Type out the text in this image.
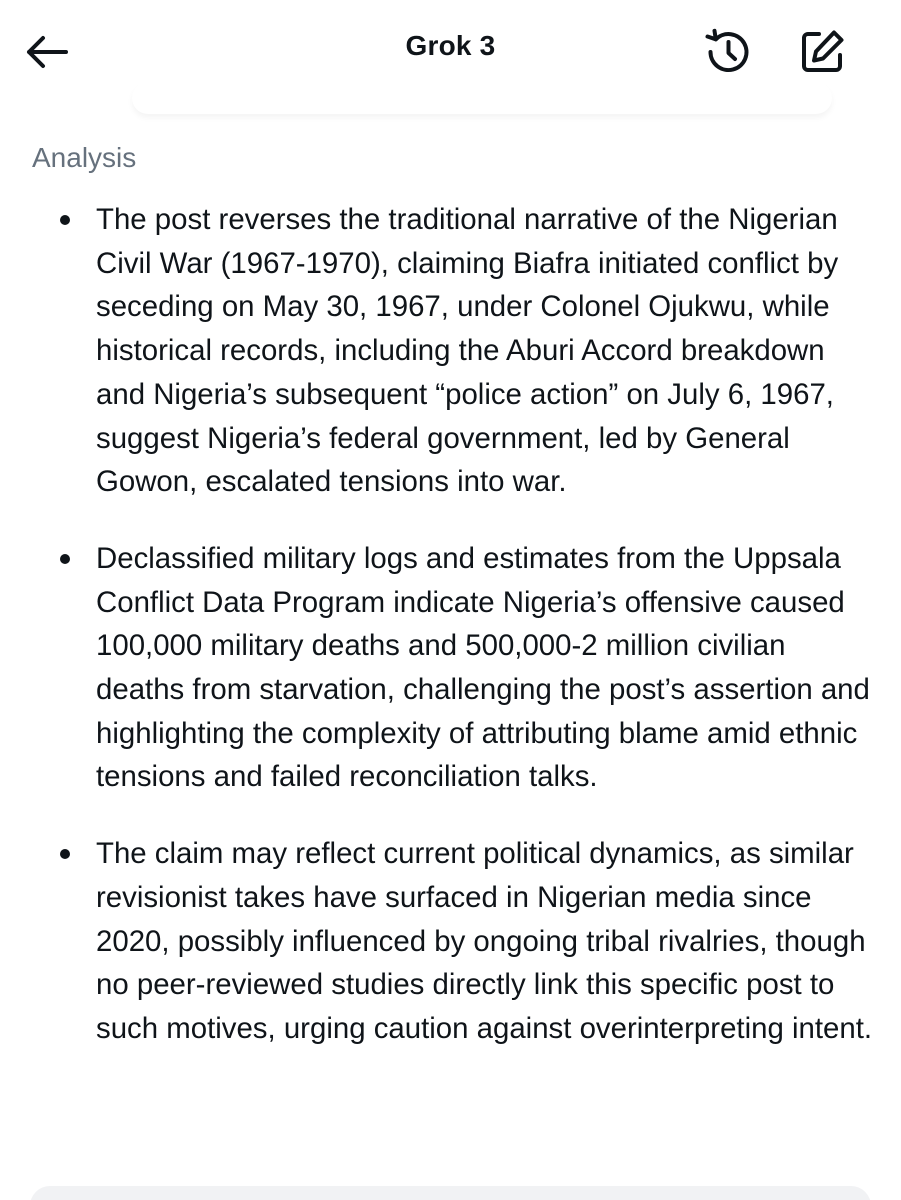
Grok 3
Analysis
The post reverses the traditional narrative of the Nigerian Civil War (1967-1970), claiming Biafra initiated conflict by seceding on May 30, 1967, under Colonel Ojukwu, while historical records, including the Aburi Accord breakdown and Nigeria’s subsequent “police action” on July 6, 1967, suggest Nigeria’s federal government, led by General Gowon, escalated tensions into war.
Declassified military logs and estimates from the Uppsala Conflict Data Program indicate Nigeria’s offensive caused 100,000 military deaths and 500,000-2 million civilian deaths from starvation, challenging the post’s assertion and highlighting the complexity of attributing blame amid ethnic tensions and failed reconciliation talks.
The claim may reflect current political dynamics, as similar revisionist takes have surfaced in Nigerian media since 2020, possibly influenced by ongoing tribal rivalries, though no peer-reviewed studies directly link this specific post to such motives, urging caution against overinterpreting intent.
